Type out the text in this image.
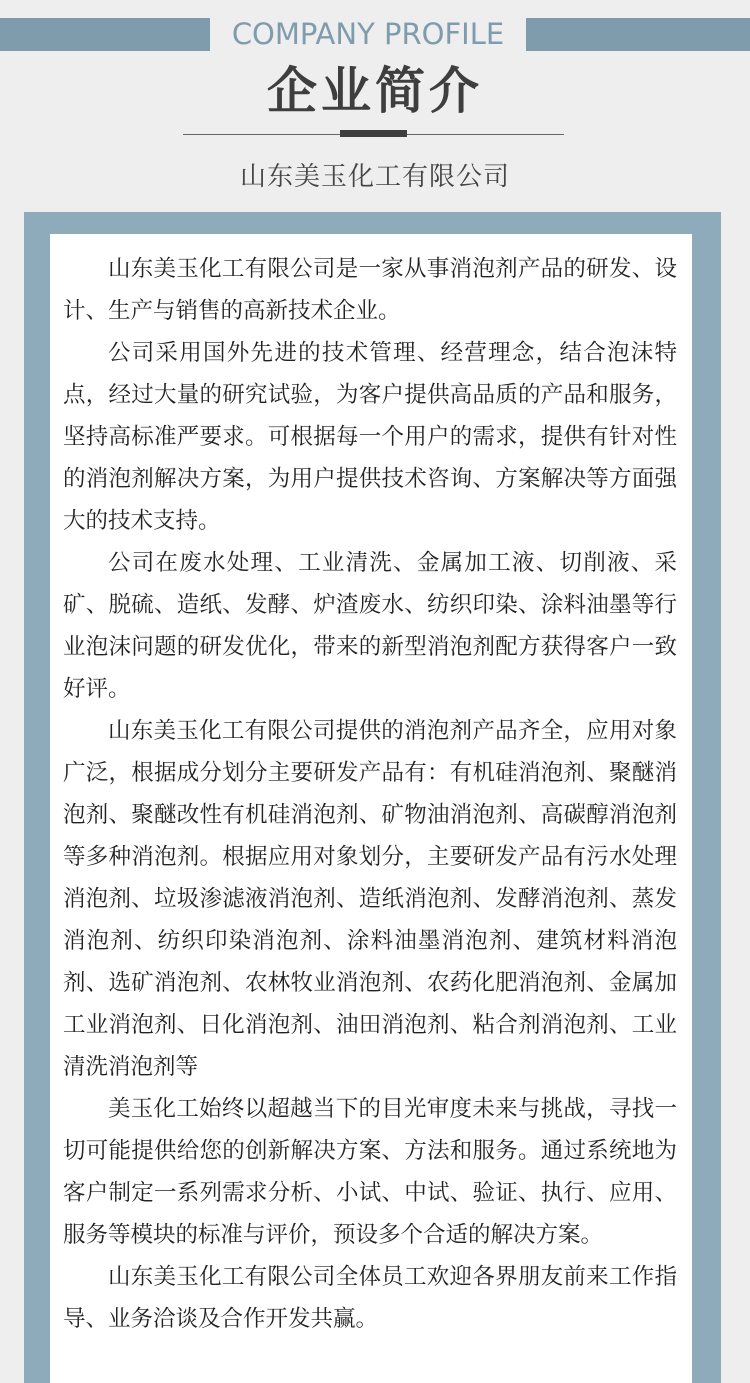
COMPANY PROFILE
企业简介
山东美玉化工有限公司

山东美玉化工有限公司是一家从事消泡剂产品的研发、设计、生产与销售的高新技术企业。

公司采用国外先进的技术管理、经营理念，结合泡沫特点，经过大量的研究试验，为客户提供高品质的产品和服务，坚持高标准严要求。可根据每一个用户的需求，提供有针对性的消泡剂解决方案，为用户提供技术咨询、方案解决等方面强大的技术支持。

公司在废水处理、工业清洗、金属加工液、切削液、采矿、脱硫、造纸、发酵、炉渣废水、纺织印染、涂料油墨等行业泡沫问题的研发优化，带来的新型消泡剂配方获得客户一致好评。

山东美玉化工有限公司提供的消泡剂产品齐全，应用对象广泛，根据成分划分主要研发产品有：有机硅消泡剂、聚醚消泡剂、聚醚改性有机硅消泡剂、矿物油消泡剂、高碳醇消泡剂等多种消泡剂。根据应用对象划分，主要研发产品有污水处理消泡剂、垃圾渗滤液消泡剂、造纸消泡剂、发酵消泡剂、蒸发消泡剂、纺织印染消泡剂、涂料油墨消泡剂、建筑材料消泡剂、选矿消泡剂、农林牧业消泡剂、农药化肥消泡剂、金属加工业消泡剂、日化消泡剂、油田消泡剂、粘合剂消泡剂、工业清洗消泡剂等

美玉化工始终以超越当下的目光审度未来与挑战，寻找一切可能提供给您的创新解决方案、方法和服务。通过系统地为客户制定一系列需求分析、小试、中试、验证、执行、应用、服务等模块的标准与评价，预设多个合适的解决方案。

山东美玉化工有限公司全体员工欢迎各界朋友前来工作指导、业务洽谈及合作开发共赢。
